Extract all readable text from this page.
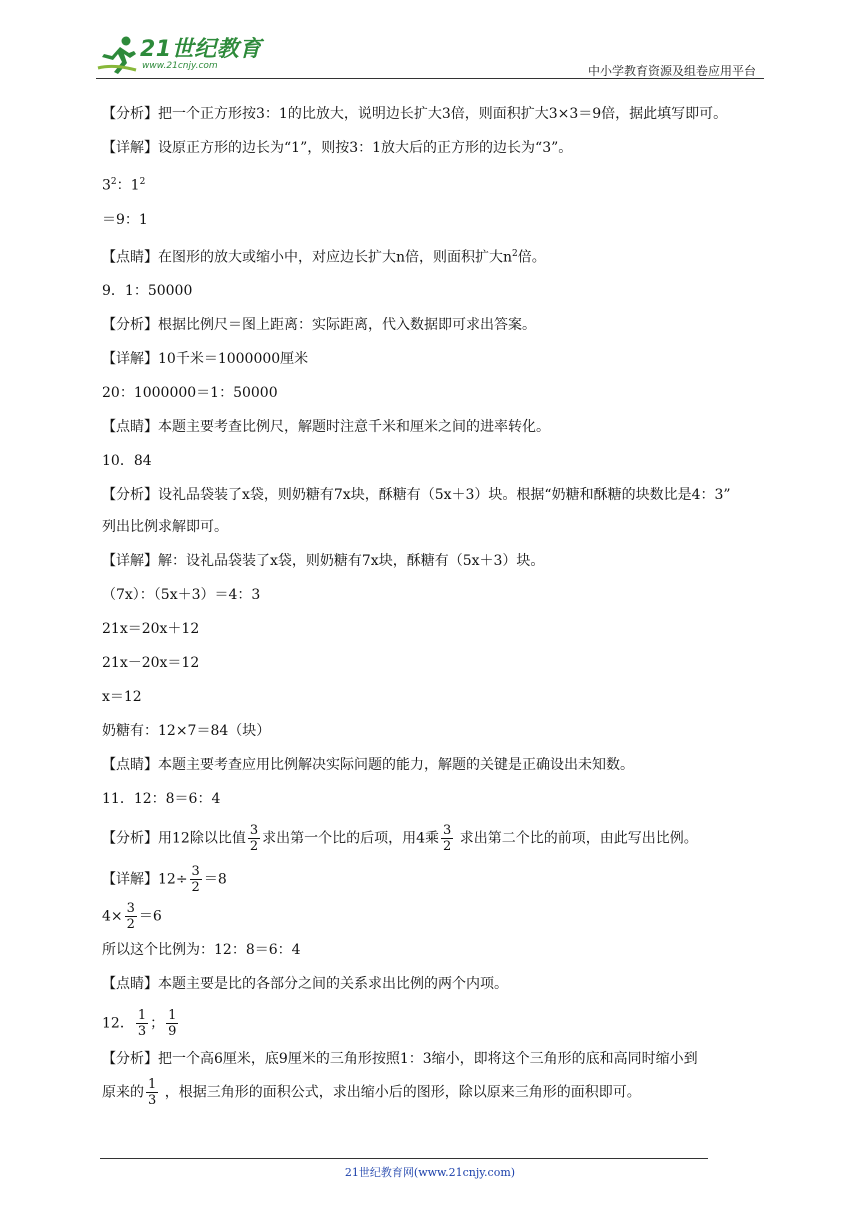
21世纪教育
www.21cnjy.com	中小学教育资源及组卷应用平台

【分析】把一个正方形按3：1的比放大，说明边长扩大3倍，则面积扩大3×3＝9倍，据此填写即可。

【详解】设原正方形的边长为“1”，则按3：1放大后的正方形的边长为“3”。

$3^2$：$1^2$

＝9：1

【点睛】在图形的放大或缩小中，对应边长扩大n倍，则面积扩大$n^2$倍。

9．1：50000

【分析】根据比例尺＝图上距离：实际距离，代入数据即可求出答案。

【详解】10千米＝1000000厘米

20：1000000＝1：50000

【点睛】本题主要考查比例尺，解题时注意千米和厘米之间的进率转化。

10．84

【分析】设礼品袋装了x袋，则奶糖有7x块，酥糖有（5x＋3）块。根据“奶糖和酥糖的块数比是4：3”

列出比例求解即可。

【详解】解：设礼品袋装了x袋，则奶糖有7x块，酥糖有（5x＋3）块。

（7x）：（5x＋3）＝4：3

21x＝20x＋12

21x－20x＝12

x＝12

奶糖有：12×7＝84（块）

【点睛】本题主要考查应用比例解决实际问题的能力，解题的关键是正确设出未知数。

11．12：8＝6：4

【分析】用12除以比值 $\frac{3}{2}$ 求出第一个比的后项，用4乘 $\frac{3}{2}$ 求出第二个比的前项，由此写出比例。

【详解】$12\div \frac{3}{2} =8$

$4\times \frac{3}{2} =6$

所以这个比例为：12：8＝6：4

【点睛】本题主要是比的各部分之间的关系求出比例的两个内项。

12． $\frac{1}{3}$ ； $\frac{1}{9}$

【分析】把一个高6厘米，底9厘米的三角形按照1：3缩小，即将这个三角形的底和高同时缩小到

原来的 $\frac{1}{3}$ ，根据三角形的面积公式，求出缩小后的图形，除以原来三角形的面积即可。

21世纪教育网(www.21cnjy.com)
